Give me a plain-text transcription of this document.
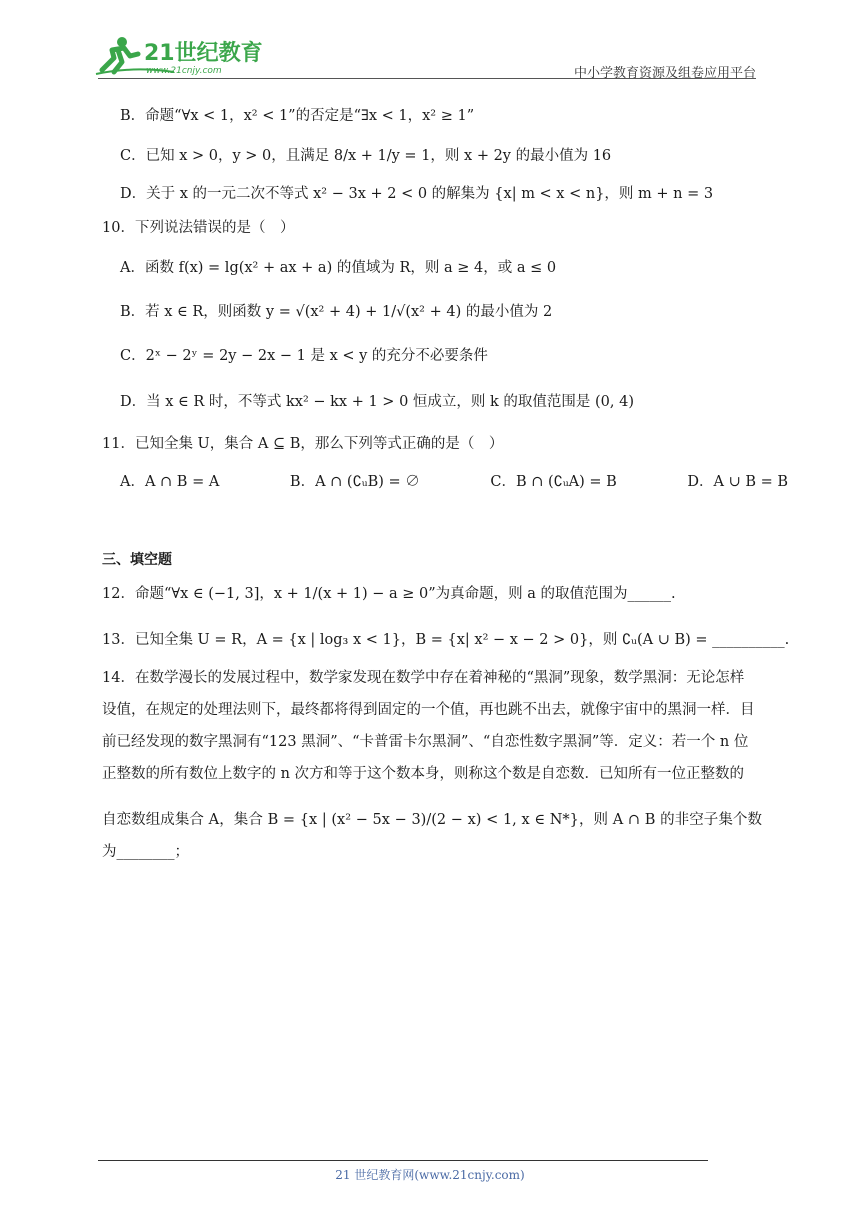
21世纪教育
www.21cnjy.com	中小学教育资源及组卷应用平台
B．命题“∀x < 1，x² < 1”的否定是“∃x < 1，x² ≥ 1”
C．已知 x > 0，y > 0，且满足 8/x + 1/y = 1，则 x + 2y 的最小值为 16
D．关于 x 的一元二次不等式 x² − 3x + 2 < 0 的解集为 {x| m < x < n}，则 m + n = 3
10．下列说法错误的是（　）
A．函数 f(x) = lg(x² + ax + a) 的值域为 R，则 a ≥ 4，或 a ≤ 0
B．若 x ∈ R，则函数 y = √(x² + 4) + 1/√(x² + 4) 的最小值为 2
C．2ˣ − 2ʸ = 2y − 2x − 1 是 x < y 的充分不必要条件
D．当 x ∈ R 时，不等式 kx² − kx + 1 > 0 恒成立，则 k 的取值范围是 (0, 4)
11．已知全集 U，集合 A ⊆ B，那么下列等式正确的是（　）
A．A ∩ B = A	B．A ∩ (∁ᵤB) = ∅	C．B ∩ (∁ᵤA) = B	D．A ∪ B = B
三、填空题
12．命题“∀x ∈ (−1, 3]，x + 1/(x + 1) − a ≥ 0”为真命题，则 a 的取值范围为______.
13．已知全集 U = R，A = {x | log₃ x < 1}，B = {x| x² − x − 2 > 0}，则 ∁ᵤ(A ∪ B) = __________.
14．在数学漫长的发展过程中，数学家发现在数学中存在着神秘的“黑洞”现象，数学黑洞：无论怎样
设值，在规定的处理法则下，最终都将得到固定的一个值，再也跳不出去，就像宇宙中的黑洞一样．目
前已经发现的数字黑洞有“123 黑洞”、“卡普雷卡尔黑洞”、“自恋性数字黑洞”等．定义：若一个 n 位
正整数的所有数位上数字的 n 次方和等于这个数本身，则称这个数是自恋数．已知所有一位正整数的
自恋数组成集合 A，集合 B = {x | (x² − 5x − 3)/(2 − x) < 1, x ∈ N*}，则 A ∩ B 的非空子集个数为________；
21 世纪教育网(www.21cnjy.com)
